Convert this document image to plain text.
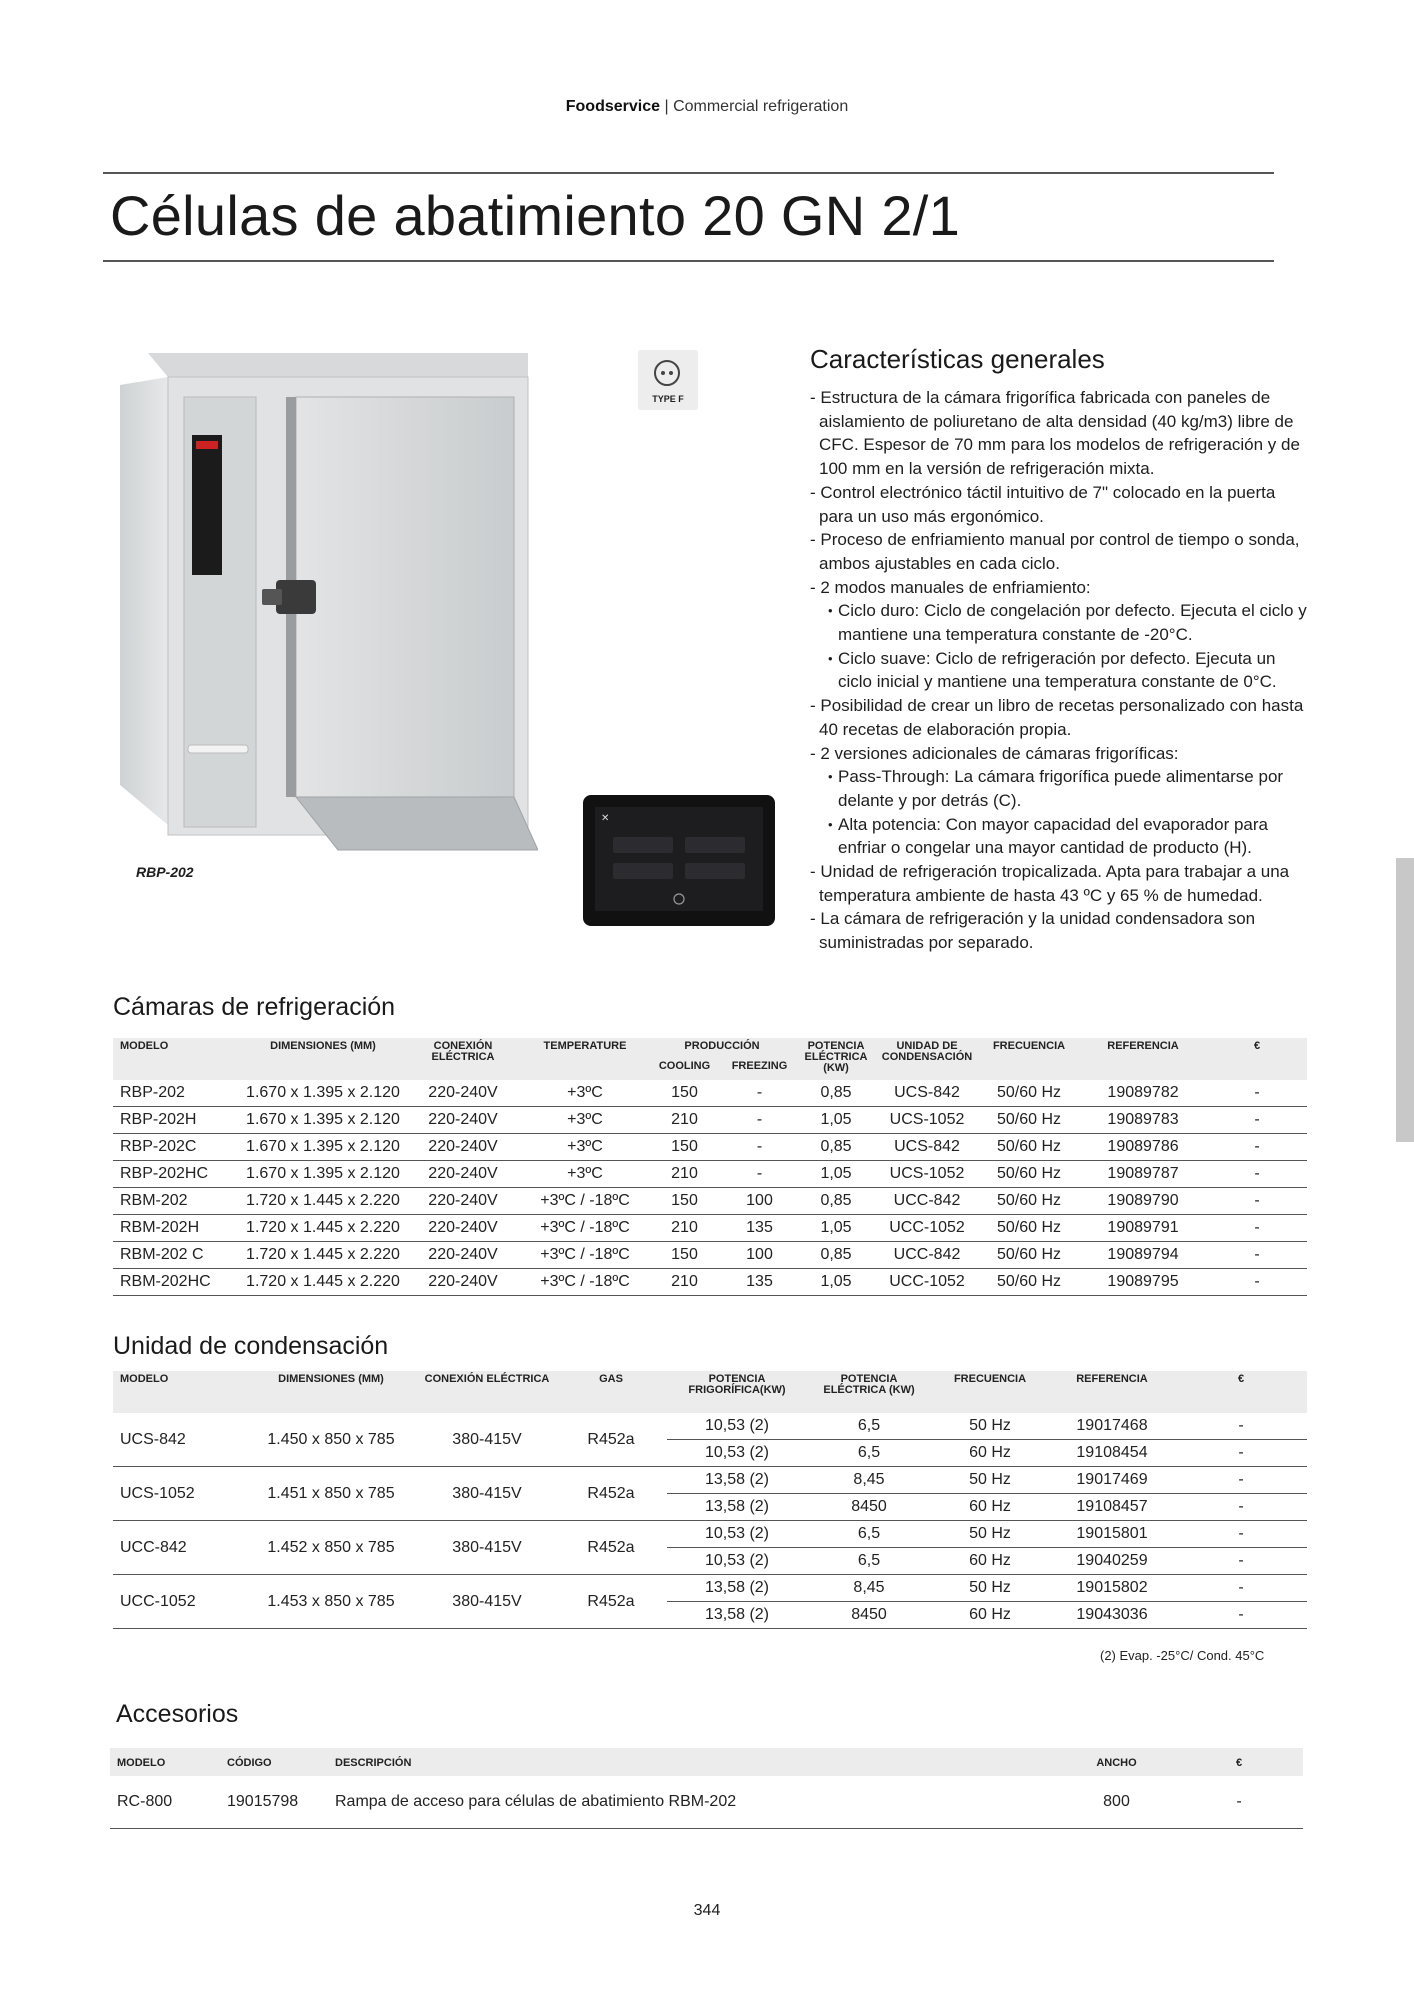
Foodservice | Commercial refrigeration
Células de abatimiento 20 GN 2/1
RBP-202
TYPE F
✕
Características generales
- Estructura de la cámara frigorífica fabricada con paneles de aislamiento de poliuretano de alta densidad (40 kg/m3) libre de CFC. Espesor de 70 mm para los modelos de refrigeración y de 100 mm en la versión de refrigeración mixta.
- Control electrónico táctil intuitivo de 7" colocado en la puerta para un uso más ergonómico.
- Proceso de enfriamiento manual por control de tiempo o sonda, ambos ajustables en cada ciclo.
- 2 modos manuales de enfriamiento:
• Ciclo duro: Ciclo de congelación por defecto. Ejecuta el ciclo y mantiene una temperatura constante de -20°C.
• Ciclo suave: Ciclo de refrigeración por defecto. Ejecuta un ciclo inicial y mantiene una temperatura constante de 0°C.
- Posibilidad de crear un libro de recetas personalizado con hasta 40 recetas de elaboración propia.
- 2 versiones adicionales de cámaras frigoríficas:
• Pass-Through: La cámara frigorífica puede alimentarse por delante y por detrás (C).
• Alta potencia: Con mayor capacidad del evaporador para enfriar o congelar una mayor cantidad de producto (H).
- Unidad de refrigeración tropicalizada. Apta para trabajar a una temperatura ambiente de hasta 43 ºC y 65 % de humedad.
- La cámara de refrigeración y la unidad condensadora son suministradas por separado.
Cámaras de refrigeración
MODELO	DIMENSIONES (MM)	CONEXIÓN ELÉCTRICA	TEMPERATURE	PRODUCCIÓN		POTENCIA ELÉCTRICA (KW)	UNIDAD DE CONDENSACIÓN	FRECUENCIA	REFERENCIA	€
				COOLING	FREEZING					
RBP-202	1.670 x 1.395 x 2.120	220-240V	+3ºC	150	-	0,85	UCS-842	50/60 Hz	19089782	-
RBP-202H	1.670 x 1.395 x 2.120	220-240V	+3ºC	210	-	1,05	UCS-1052	50/60 Hz	19089783	-
RBP-202C	1.670 x 1.395 x 2.120	220-240V	+3ºC	150	-	0,85	UCS-842	50/60 Hz	19089786	-
RBP-202HC	1.670 x 1.395 x 2.120	220-240V	+3ºC	210	-	1,05	UCS-1052	50/60 Hz	19089787	-
RBM-202	1.720 x 1.445 x 2.220	220-240V	+3ºC / -18ºC	150	100	0,85	UCC-842	50/60 Hz	19089790	-
RBM-202H	1.720 x 1.445 x 2.220	220-240V	+3ºC / -18ºC	210	135	1,05	UCC-1052	50/60 Hz	19089791	-
RBM-202 C	1.720 x 1.445 x 2.220	220-240V	+3ºC / -18ºC	150	100	0,85	UCC-842	50/60 Hz	19089794	-
RBM-202HC	1.720 x 1.445 x 2.220	220-240V	+3ºC / -18ºC	210	135	1,05	UCC-1052	50/60 Hz	19089795	-
Unidad de condensación
MODELO	DIMENSIONES (MM)	CONEXIÓN ELÉCTRICA	GAS	POTENCIA FRIGORÍFICA(KW)	POTENCIA ELÉCTRICA (KW)	FRECUENCIA	REFERENCIA	€
UCS-842	1.450 x 850 x 785	380-415V	R452a	10,53 (2)	6,5	50 Hz	19017468	-
				10,53 (2)	6,5	60 Hz	19108454	-
UCS-1052	1.451 x 850 x 785	380-415V	R452a	13,58 (2)	8,45	50 Hz	19017469	-
				13,58 (2)	8450	60 Hz	19108457	-
UCC-842	1.452 x 850 x 785	380-415V	R452a	10,53 (2)	6,5	50 Hz	19015801	-
				10,53 (2)	6,5	60 Hz	19040259	-
UCC-1052	1.453 x 850 x 785	380-415V	R452a	13,58 (2)	8,45	50 Hz	19015802	-
				13,58 (2)	8450	60 Hz	19043036	-
(2) Evap. -25°C/ Cond. 45°C
Accesorios
MODELO	CÓDIGO	DESCRIPCIÓN	ANCHO	€
RC-800	19015798	Rampa de acceso para células de abatimiento RBM-202	800	-
344
